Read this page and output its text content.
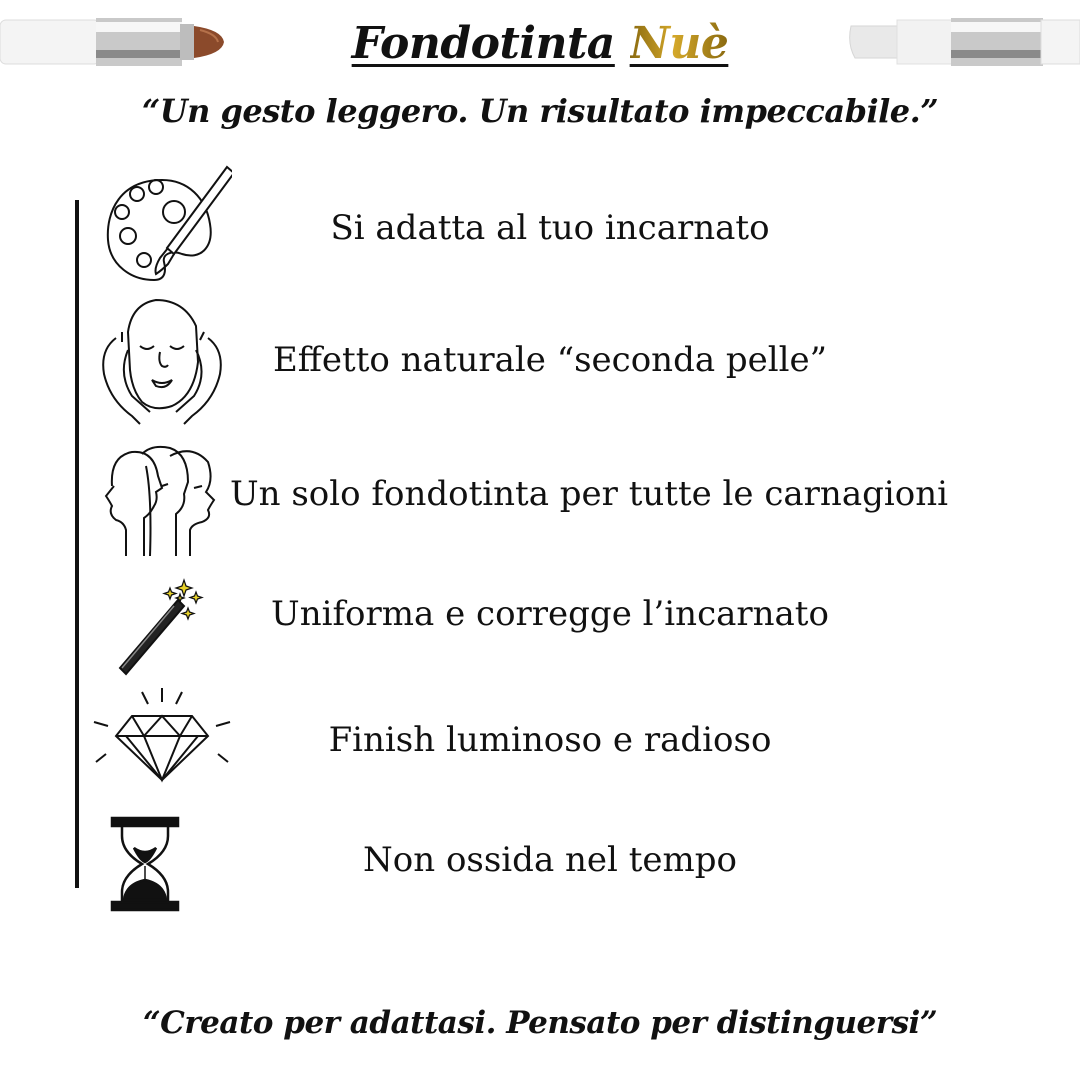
Fondotinta Nuè
“Un gesto leggero. Un risultato impeccabile.”
Si adatta al tuo incarnato
Effetto naturale “seconda pelle”
Un solo fondotinta per tutte le carnagioni
Uniforma e corregge l’incarnato
Finish luminoso e radioso
Non ossida nel tempo
“Creato per adattasi. Pensato per distinguersi”
